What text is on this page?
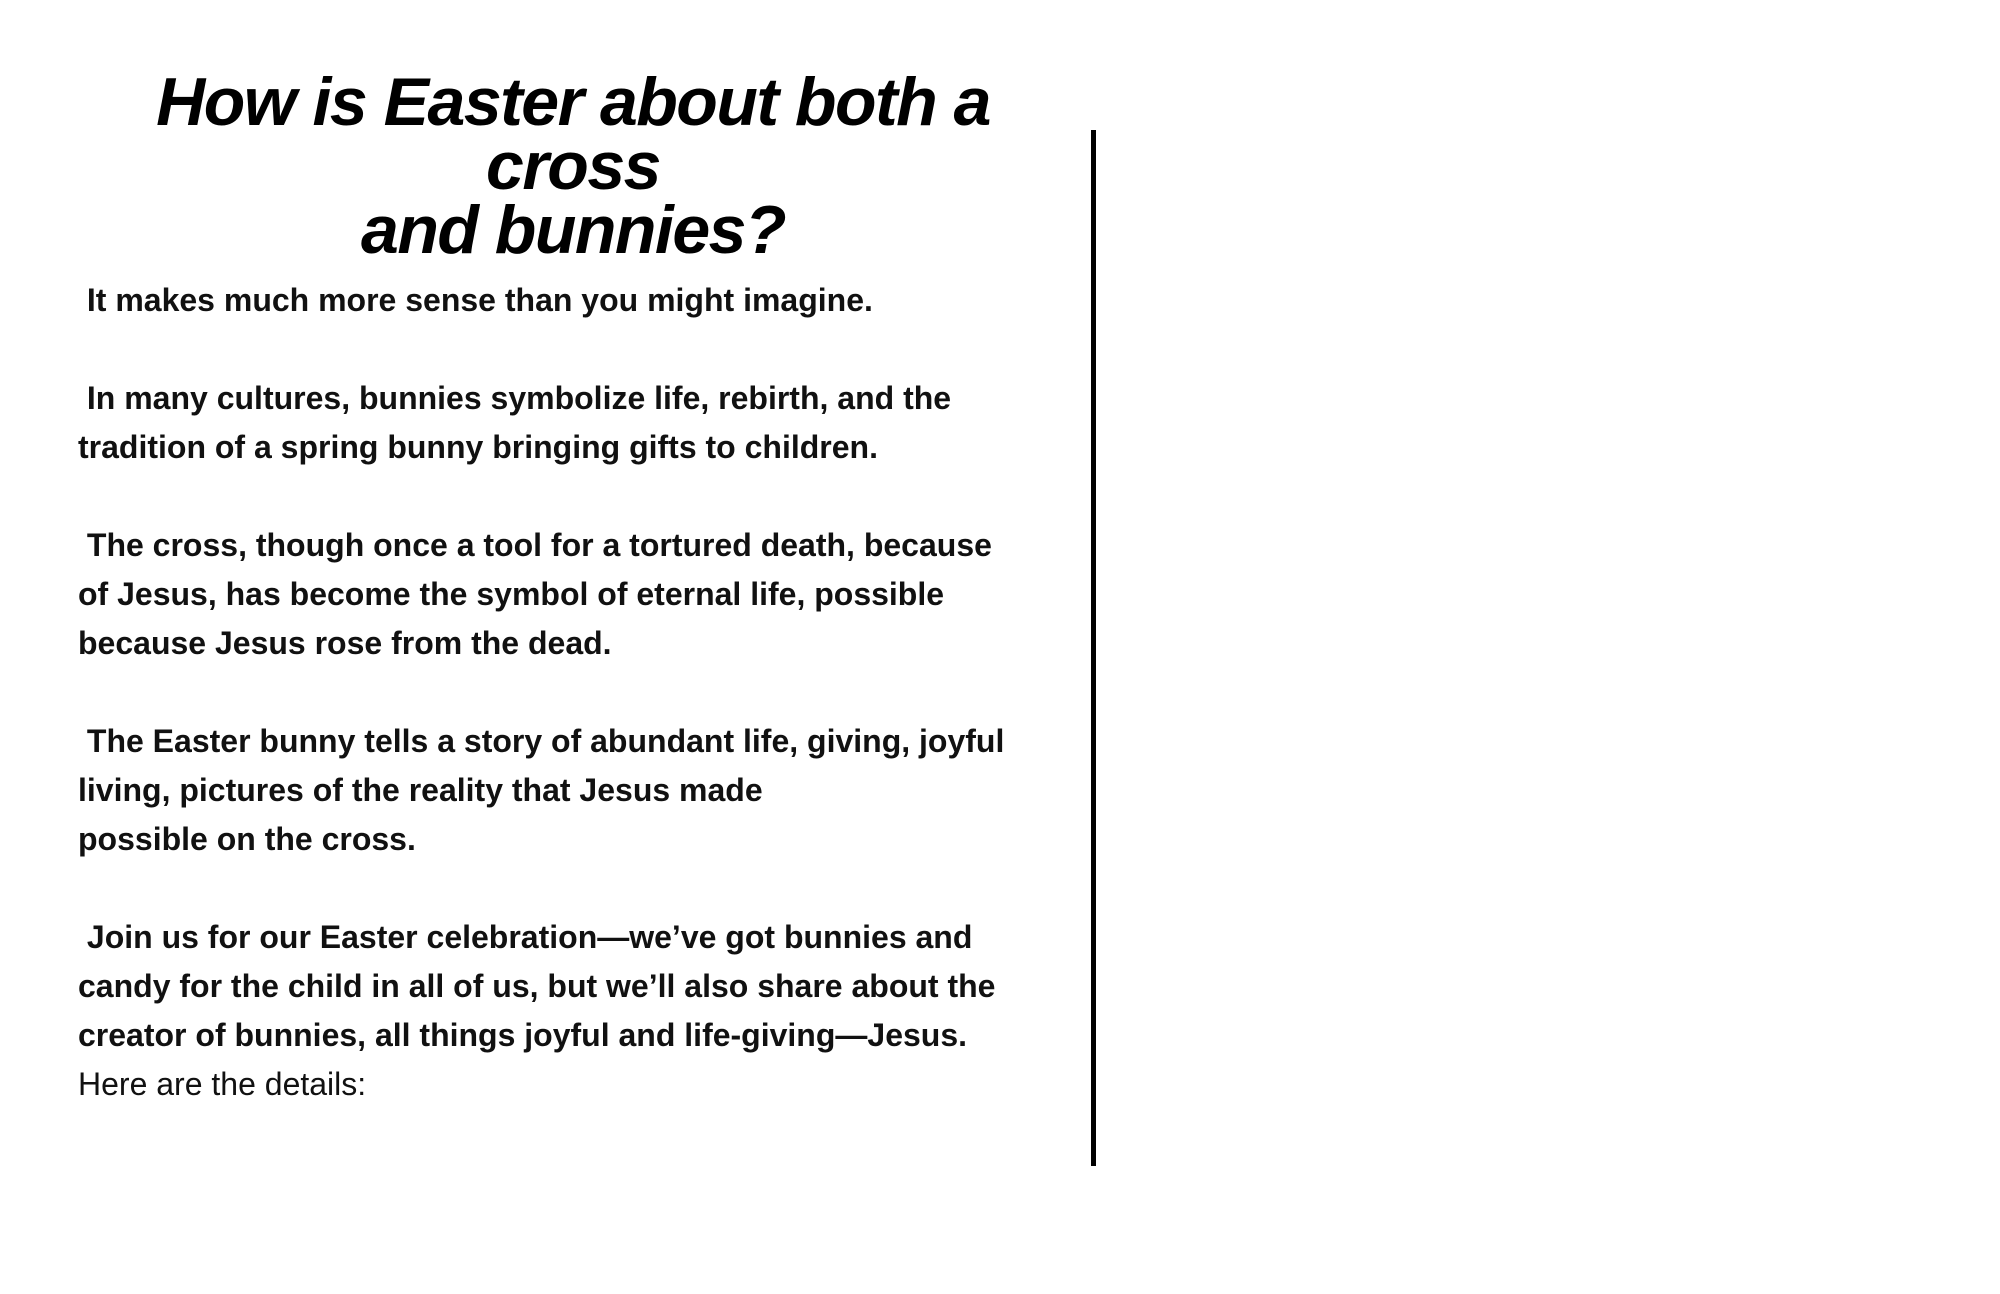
How is Easter about both a cross
and bunnies?

It makes much more sense than you might imagine.

In many cultures, bunnies symbolize life, rebirth, and the
tradition of a spring bunny bringing gifts to children.

The cross, though once a tool for a tortured death, because
of Jesus, has become the symbol of eternal life, possible
because Jesus rose from the dead.

The Easter bunny tells a story of abundant life, giving, joyful
living, pictures of the reality that Jesus made
possible on the cross.

Join us for our Easter celebration—we’ve got bunnies and
candy for the child in all of us, but we’ll also share about the
creator of bunnies, all things joyful and life-giving—Jesus.
Here are the details:
